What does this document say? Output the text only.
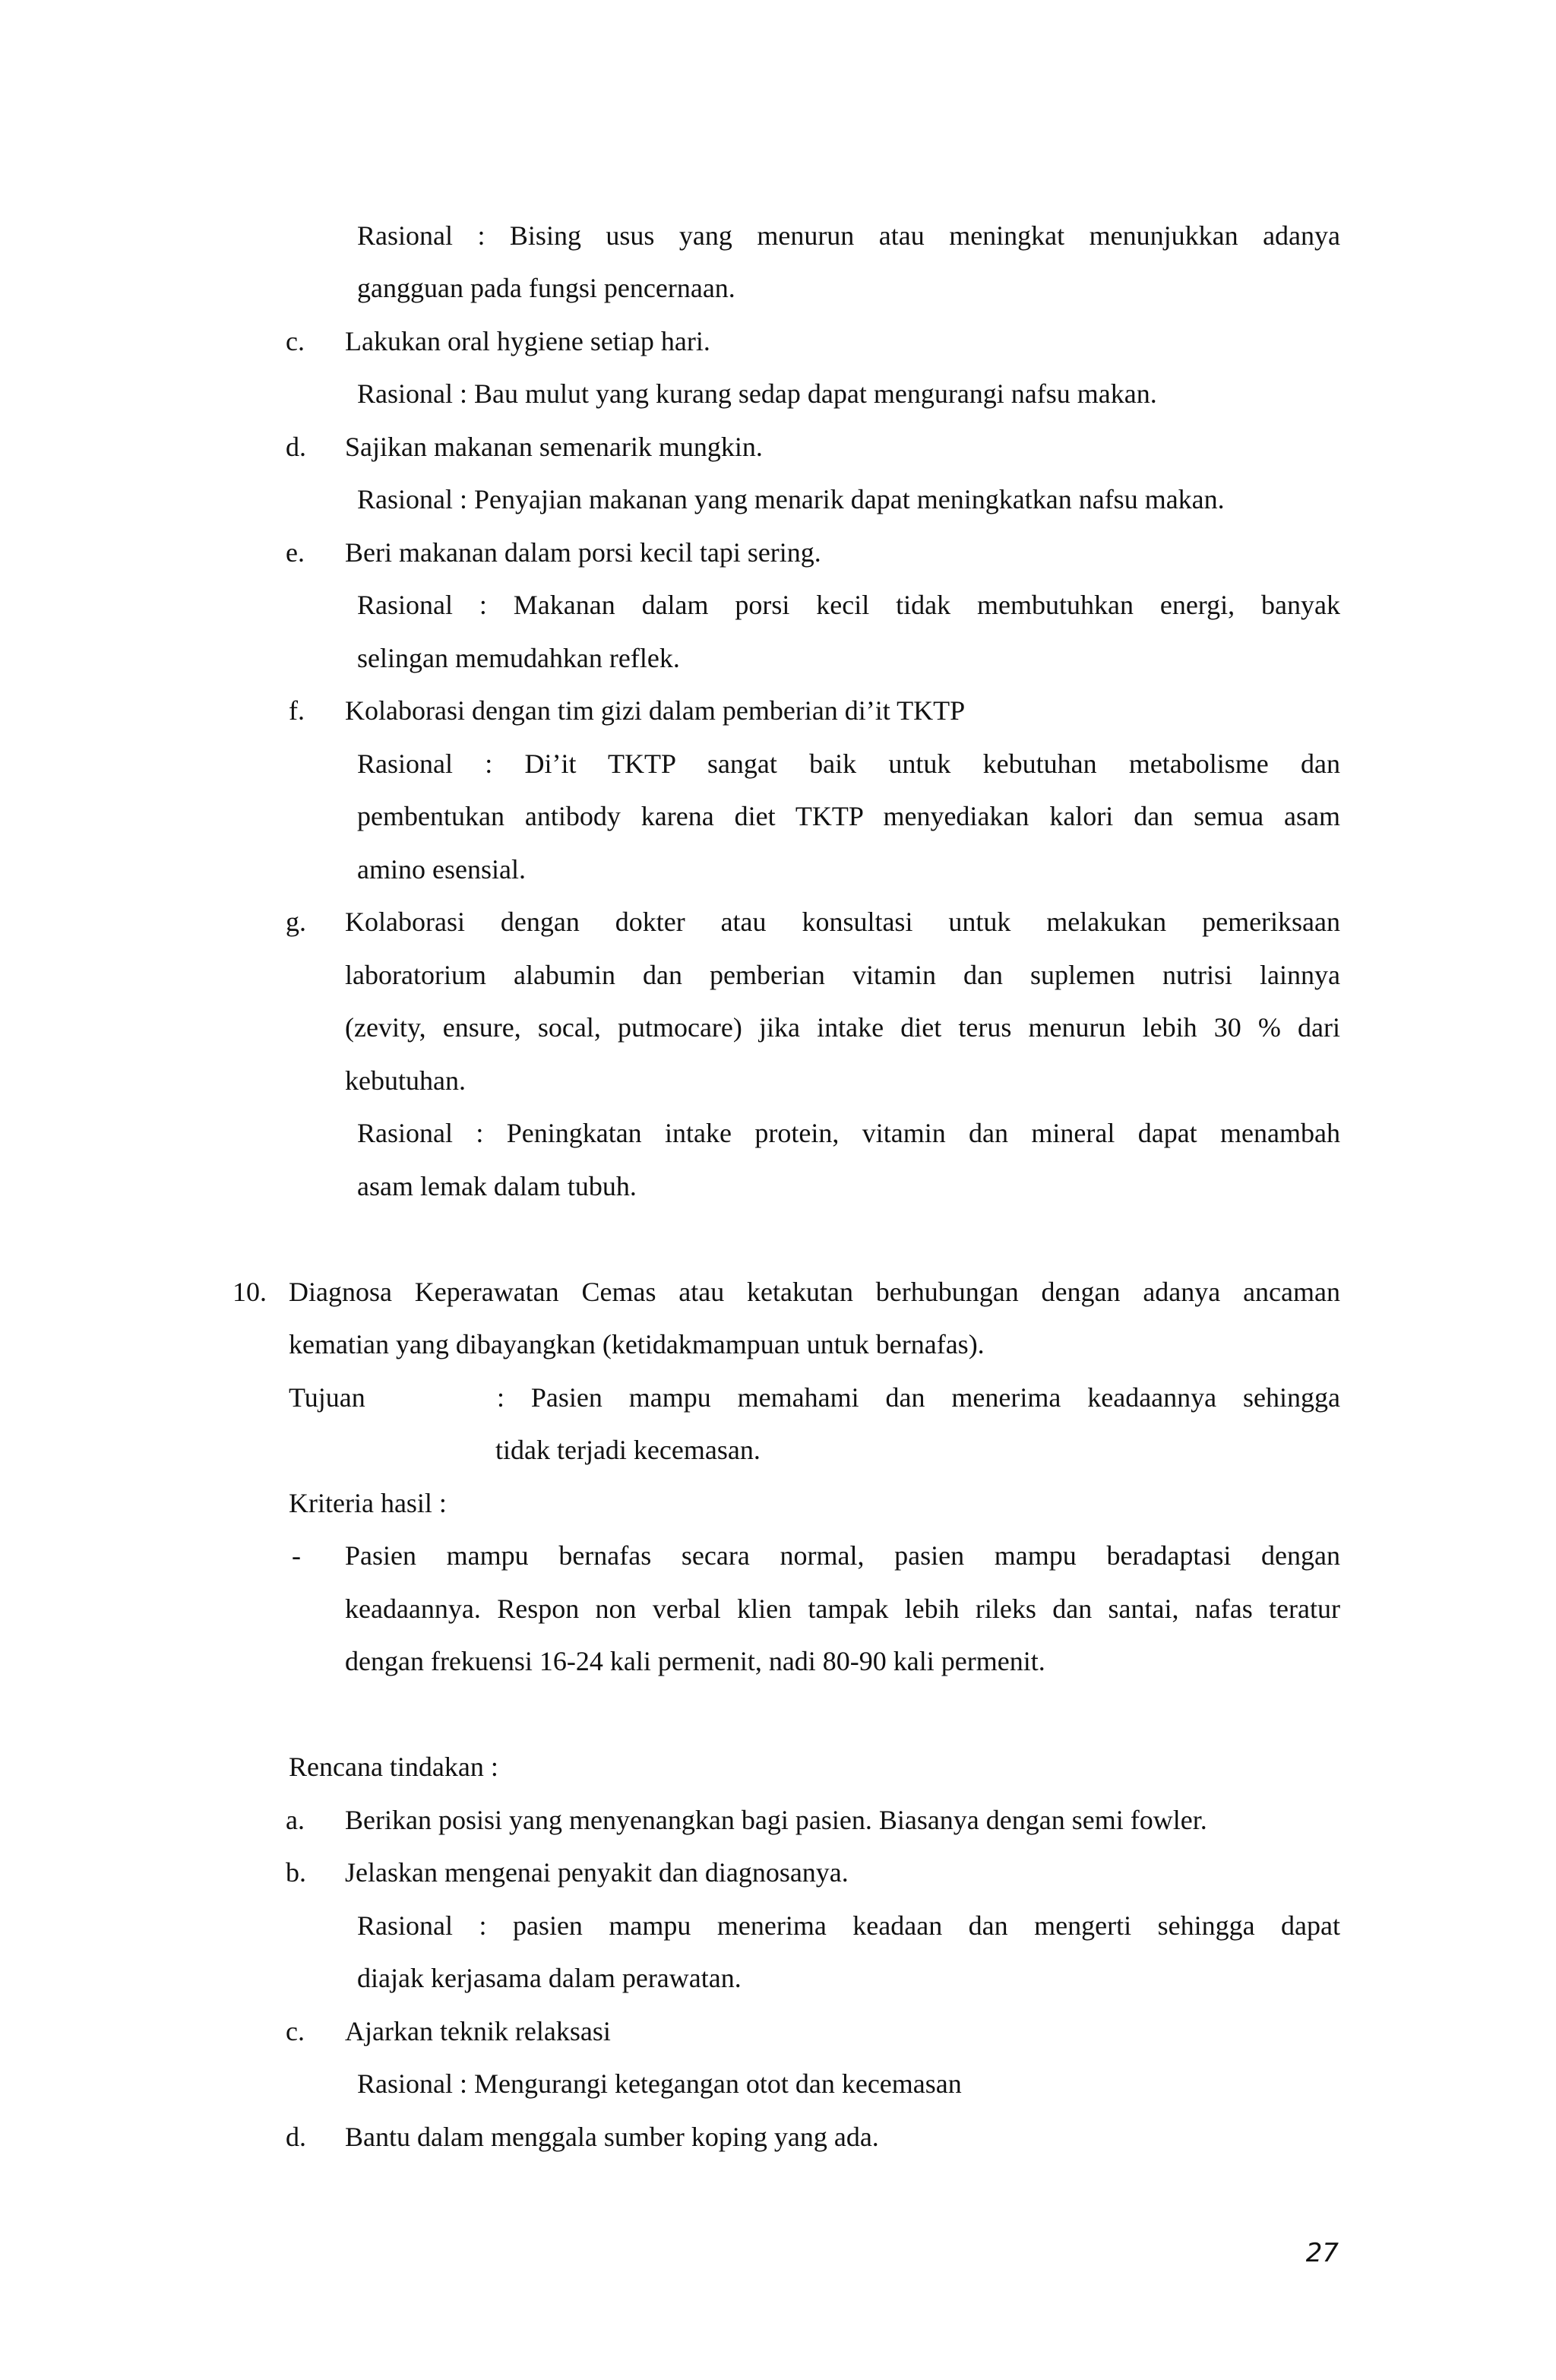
Rasional : Bising usus yang menurun atau meningkat menunjukkan adanya
gangguan pada fungsi pencernaan.
c. Lakukan oral hygiene setiap hari.
Rasional : Bau mulut yang kurang sedap dapat mengurangi nafsu makan.
d. Sajikan makanan semenarik mungkin.
Rasional : Penyajian makanan yang menarik dapat meningkatkan nafsu makan.
e. Beri makanan dalam porsi kecil tapi sering.
Rasional : Makanan dalam porsi kecil tidak membutuhkan energi, banyak
selingan memudahkan reflek.
f. Kolaborasi dengan tim gizi dalam pemberian di’it TKTP
Rasional : Di’it TKTP sangat baik untuk kebutuhan metabolisme dan
pembentukan antibody karena diet TKTP menyediakan kalori dan semua asam
amino esensial.
g. Kolaborasi dengan dokter atau konsultasi untuk melakukan pemeriksaan
laboratorium alabumin dan pemberian vitamin dan suplemen nutrisi lainnya
(zevity, ensure, socal, putmocare) jika intake diet terus menurun lebih 30 % dari
kebutuhan.
Rasional : Peningkatan intake protein, vitamin dan mineral dapat menambah
asam lemak dalam tubuh.
10. Diagnosa Keperawatan Cemas atau ketakutan berhubungan dengan adanya ancaman
kematian yang dibayangkan (ketidakmampuan untuk bernafas).
Tujuan	: Pasien mampu memahami dan menerima keadaannya sehingga
tidak terjadi kecemasan.
Kriteria hasil :
- Pasien mampu bernafas secara normal, pasien mampu beradaptasi dengan
keadaannya. Respon non verbal klien tampak lebih rileks dan santai, nafas teratur
dengan frekuensi 16-24 kali permenit, nadi 80-90 kali permenit.
Rencana tindakan :
a. Berikan posisi yang menyenangkan bagi pasien. Biasanya dengan semi fowler.
b. Jelaskan mengenai penyakit dan diagnosanya.
Rasional : pasien mampu menerima keadaan dan mengerti sehingga dapat
diajak kerjasama dalam perawatan.
c. Ajarkan teknik relaksasi
Rasional : Mengurangi ketegangan otot dan kecemasan
d. Bantu dalam menggala sumber koping yang ada.
27
